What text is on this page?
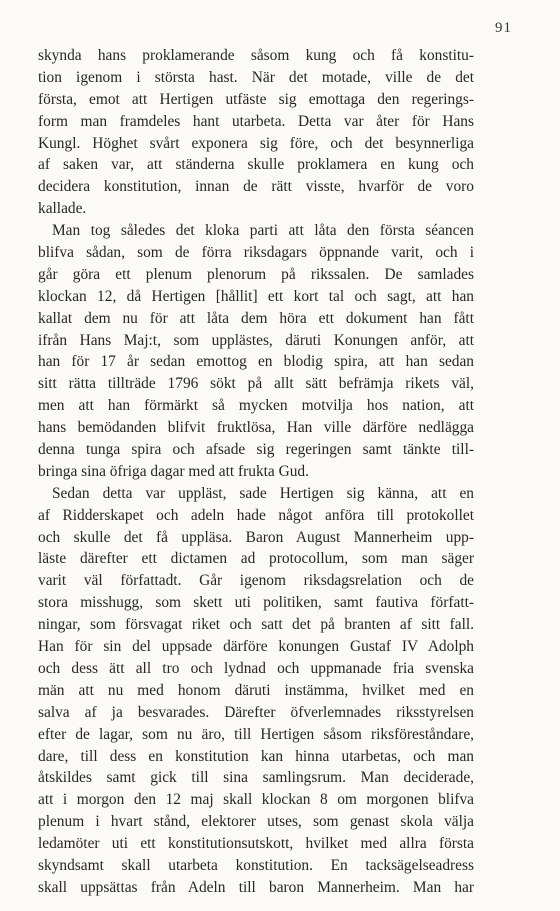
91
skynda hans proklamerande såsom kung och få konstitu-
tion igenom i största hast. När det motade, ville de det
första, emot att Hertigen utfäste sig emottaga den regerings-
form man framdeles hant utarbeta. Detta var åter för Hans
Kungl. Höghet svårt exponera sig före, och det besynnerliga
af saken var, att ständerna skulle proklamera en kung och
decidera konstitution, innan de rätt visste, hvarför de voro
kallade.
Man tog således det kloka parti att låta den första séancen
blifva sådan, som de förra riksdagars öppnande varit, och i
går göra ett plenum plenorum på rikssalen. De samlades
klockan 12, då Hertigen [hållit] ett kort tal och sagt, att han
kallat dem nu för att låta dem höra ett dokument han fått
ifrån Hans Maj:t, som upplästes, däruti Konungen anför, att
han för 17 år sedan emottog en blodig spira, att han sedan
sitt rätta tillträde 1796 sökt på allt sätt befrämja rikets väl,
men att han förmärkt så mycken motvilja hos nation, att
hans bemödanden blifvit fruktlösa, Han ville därföre nedlägga
denna tunga spira och afsade sig regeringen samt tänkte till-
bringa sina öfriga dagar med att frukta Gud.
Sedan detta var uppläst, sade Hertigen sig känna, att en
af Ridderskapet och adeln hade något anföra till protokollet
och skulle det få uppläsa. Baron August Mannerheim upp-
läste därefter ett dictamen ad protocollum, som man säger
varit väl författadt. Går igenom riksdagsrelation och de
stora misshugg, som skett uti politiken, samt fautiva författ-
ningar, som försvagat riket och satt det på branten af sitt fall.
Han för sin del uppsade därföre konungen Gustaf IV Adolph
och dess ätt all tro och lydnad och uppmanade fria svenska
män att nu med honom däruti instämma, hvilket med en
salva af ja besvarades. Därefter öfverlemnades riksstyrelsen
efter de lagar, som nu äro, till Hertigen såsom riksföreståndare,
dare, till dess en konstitution kan hinna utarbetas, och man
åtskildes samt gick till sina samlingsrum. Man deciderade,
att i morgon den 12 maj skall klockan 8 om morgonen blifva
plenum i hvart stånd, elektorer utses, som genast skola välja
ledamöter uti ett konstitutionsutskott, hvilket med allra första
skyndsamt skall utarbeta konstitution. En tacksägelseadress
skall uppsättas från Adeln till baron Mannerheim. Man har
